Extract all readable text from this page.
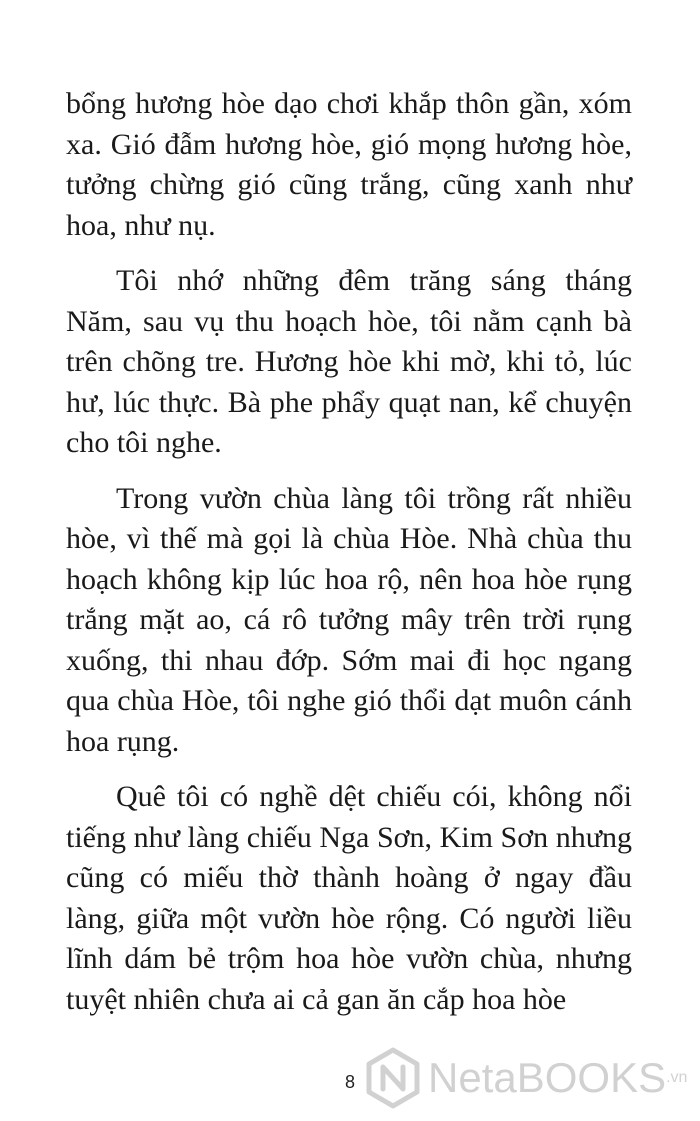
bổng hương hòe dạo chơi khắp thôn gần, xóm xa. Gió đẫm hương hòe, gió mọng hương hòe, tưởng chừng gió cũng trắng, cũng xanh như hoa, như nụ.

Tôi nhớ những đêm trăng sáng tháng Năm, sau vụ thu hoạch hòe, tôi nằm cạnh bà trên chõng tre. Hương hòe khi mờ, khi tỏ, lúc hư, lúc thực. Bà phe phẩy quạt nan, kể chuyện cho tôi nghe.

Trong vườn chùa làng tôi trồng rất nhiều hòe, vì thế mà gọi là chùa Hòe. Nhà chùa thu hoạch không kịp lúc hoa rộ, nên hoa hòe rụng trắng mặt ao, cá rô tưởng mây trên trời rụng xuống, thi nhau đớp. Sớm mai đi học ngang qua chùa Hòe, tôi nghe gió thổi dạt muôn cánh hoa rụng.

Quê tôi có nghề dệt chiếu cói, không nổi tiếng như làng chiếu Nga Sơn, Kim Sơn nhưng cũng có miếu thờ thành hoàng ở ngay đầu làng, giữa một vườn hòe rộng. Có người liều lĩnh dám bẻ trộm hoa hòe vườn chùa, nhưng tuyệt nhiên chưa ai cả gan ăn cắp hoa hòe

8	NetaBOOKS .vn
